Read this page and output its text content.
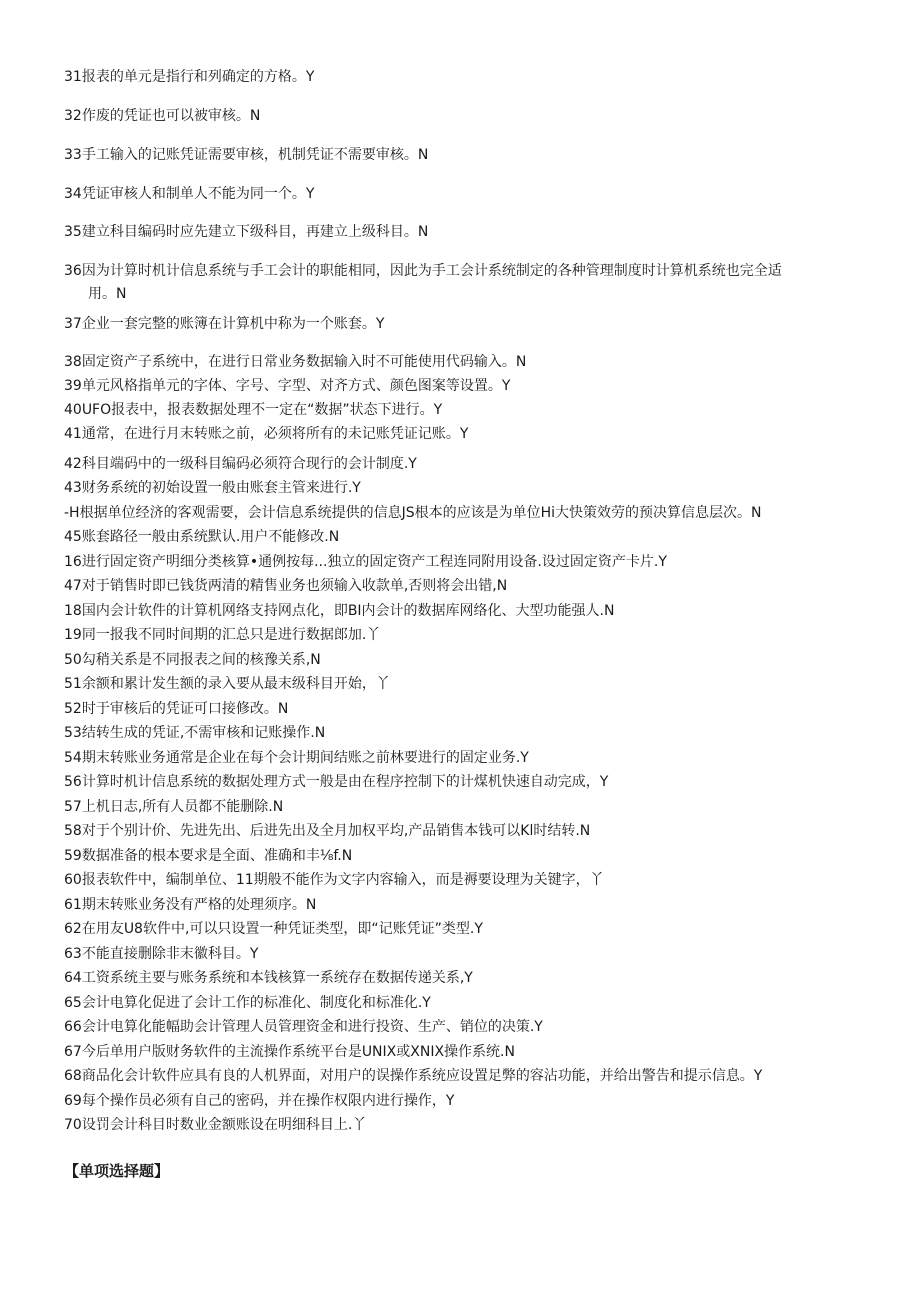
31报表的单元是指行和列确定的方格。Y
32作废的凭证也可以被审核。N
33手工输入的记账凭证需要审核，机制凭证不需要审核。N
34凭证审核人和制单人不能为同一个。Y
35建立科目编码时应先建立下级科目，再建立上级科目。N
36因为计算时机计信息系统与手工会计的职能相同，因此为手工会计系统制定的各种管理制度时计算机系统也完全适
用。N
37企业一套完整的账簿在计算机中称为一个账套。Y
38固定资产子系统中，在进行日常业务数据输入时不可能使用代码输入。N
39单元风格指单元的字体、字号、字型、对齐方式、颜色图案等设置。Y
40UFO报表中，报表数据处理不一定在“数据”状态下进行。Y
41通常，在进行月末转账之前，必须将所有的未记账凭证记账。Y
42科目端码中的一级科目编码必须符合现行的会计制度.Y
43财务系统的初始设置一般由账套主管来进行.Y
-H根据单位经济的客观需要，会计信息系统提供的信息JS根本的应该是为单位Hi大快策效劳的预决算信息层次。N
45账套路径一般由系统默认.用户不能修改.N
16进行固定资产明细分类核算•通例按每...独立的固定资产工程连同附用设备.设过固定资产卡片.Y
47对于销售时即已钱货两清的精售业务也须输入收款单,否则将会出错,N
18国内会计软件的计算机网络支持网点化，即BI内会计的数据库网络化、大型功能强人.N
19同一报我不同时间期的汇总只是进行数据郎加.丫
50勾稍关系是不同报表之间的核豫关系,N
51余额和累计发生额的录入要从最末级科目开始，丫
52时于审核后的凭证可口接修改。N
53结转生成的凭证,不需审核和记账操作.N
54期末转账业务通常是企业在每个会计期间结账之前林要进行的固定业务.Y
56计算时机计信息系统的数据处理方式一般是由在程序控制下的计煤机快速自动完成，Y
57上机日志,所有人员都不能删除.N
58对于个别计价、先进先出、后进先出及全月加权平均,产品销售本钱可以Kl时结转.N
59数据准备的根本要求是全面、准确和丰⅛f.N
60报表软件中，编制单位、11期般不能作为文字内容输入，而是褥要设理为关键字，丫
61期末转账业务没有严格的处理须序。N
62在用友U8软件中,可以只设置一种凭证类型，即“记账凭证”类型.Y
63不能直接删除非末徽科目。Y
64工资系统主要与账务系统和本钱核算一系统存在数据传递关系,Y
65会计电算化促进了会计工作的标准化、制度化和标准化.Y
66会计电算化能幅助会计管理人员管理资金和进行投资、生产、销位的决策.Y
67今后单用户版财务软件的主流操作系统平台是UNIX或XNIX操作系统.N
68商品化会计软件应具有良的人机界面，对用户的误操作系统应设置足弊的容沾功能，并给出警告和提示信息。Y
69每个操作员必须有自己的密码，并在操作权限内进行操作，Y
70设罚会计科目时数业金额账设在明细科目上.丫
【单项选择题】
